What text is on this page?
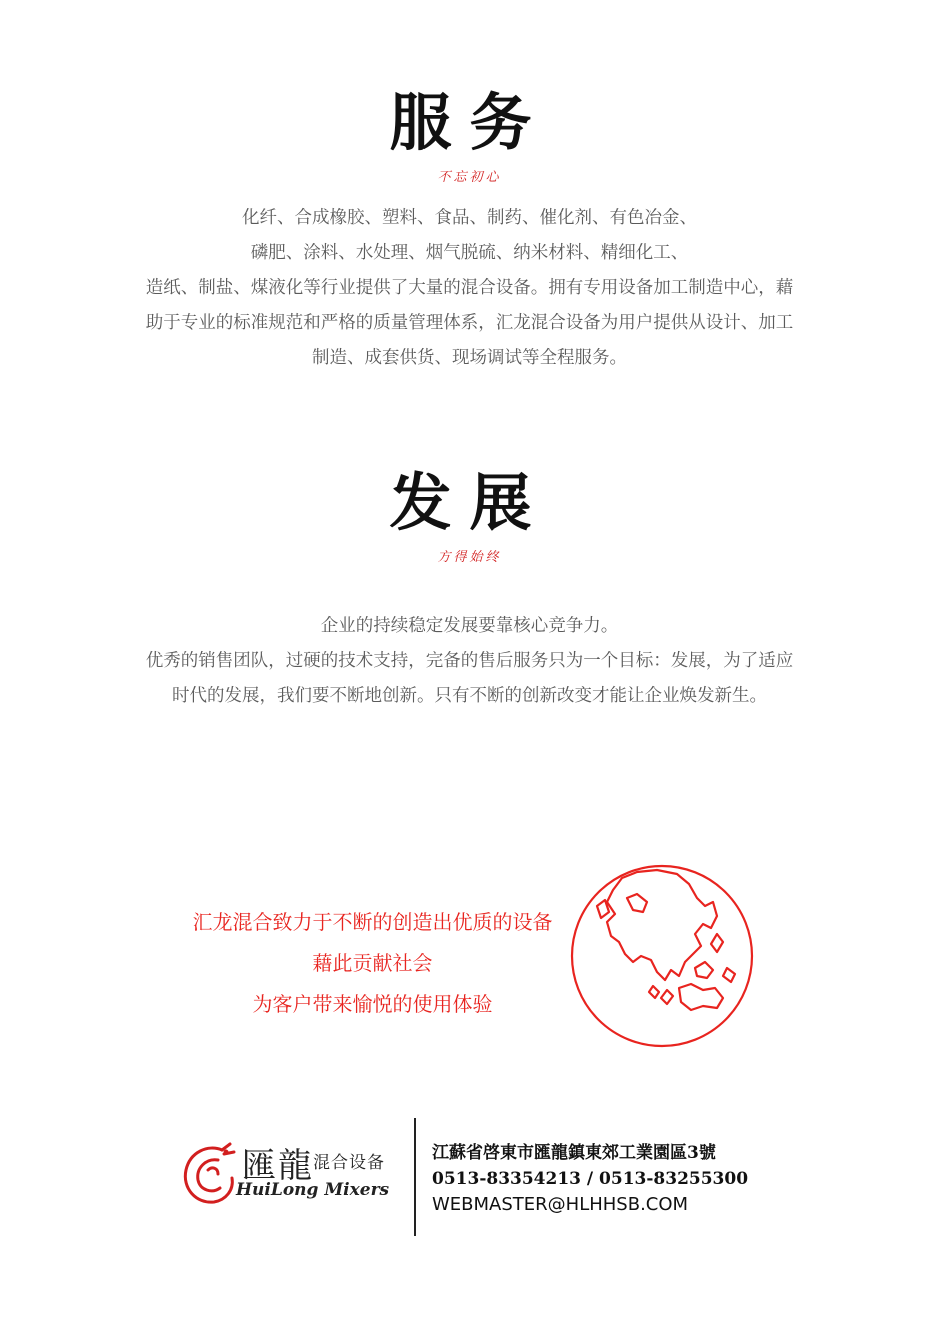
服务
不忘初心

化纤、合成橡胶、塑料、食品、制药、催化剂、有色冶金、

磷肥、涂料、水处理、烟气脱硫、纳米材料、精细化工、

造纸、制盐、煤液化等行业提供了大量的混合设备。拥有专用设备加工制造中心，藉

助于专业的标准规范和严格的质量管理体系，汇龙混合设备为用户提供从设计、加工

制造、成套供货、现场调试等全程服务。

发展
方得始终

企业的持续稳定发展要靠核心竞争力。

优秀的销售团队，过硬的技术支持，完备的售后服务只为一个目标：发展，为了适应

时代的发展，我们要不断地创新。只有不断的创新改变才能让企业焕发新生。

汇龙混合致力于不断的创造出优质的设备

藉此贡献社会

为客户带来愉悦的使用体验

匯龍 混合设备
HuiLong Mixers
江蘇省啓東市匯龍鎮東郊工業園區3號
0513-83354213 / 0513-83255300
WEBMASTER@HLHHSB.COM
